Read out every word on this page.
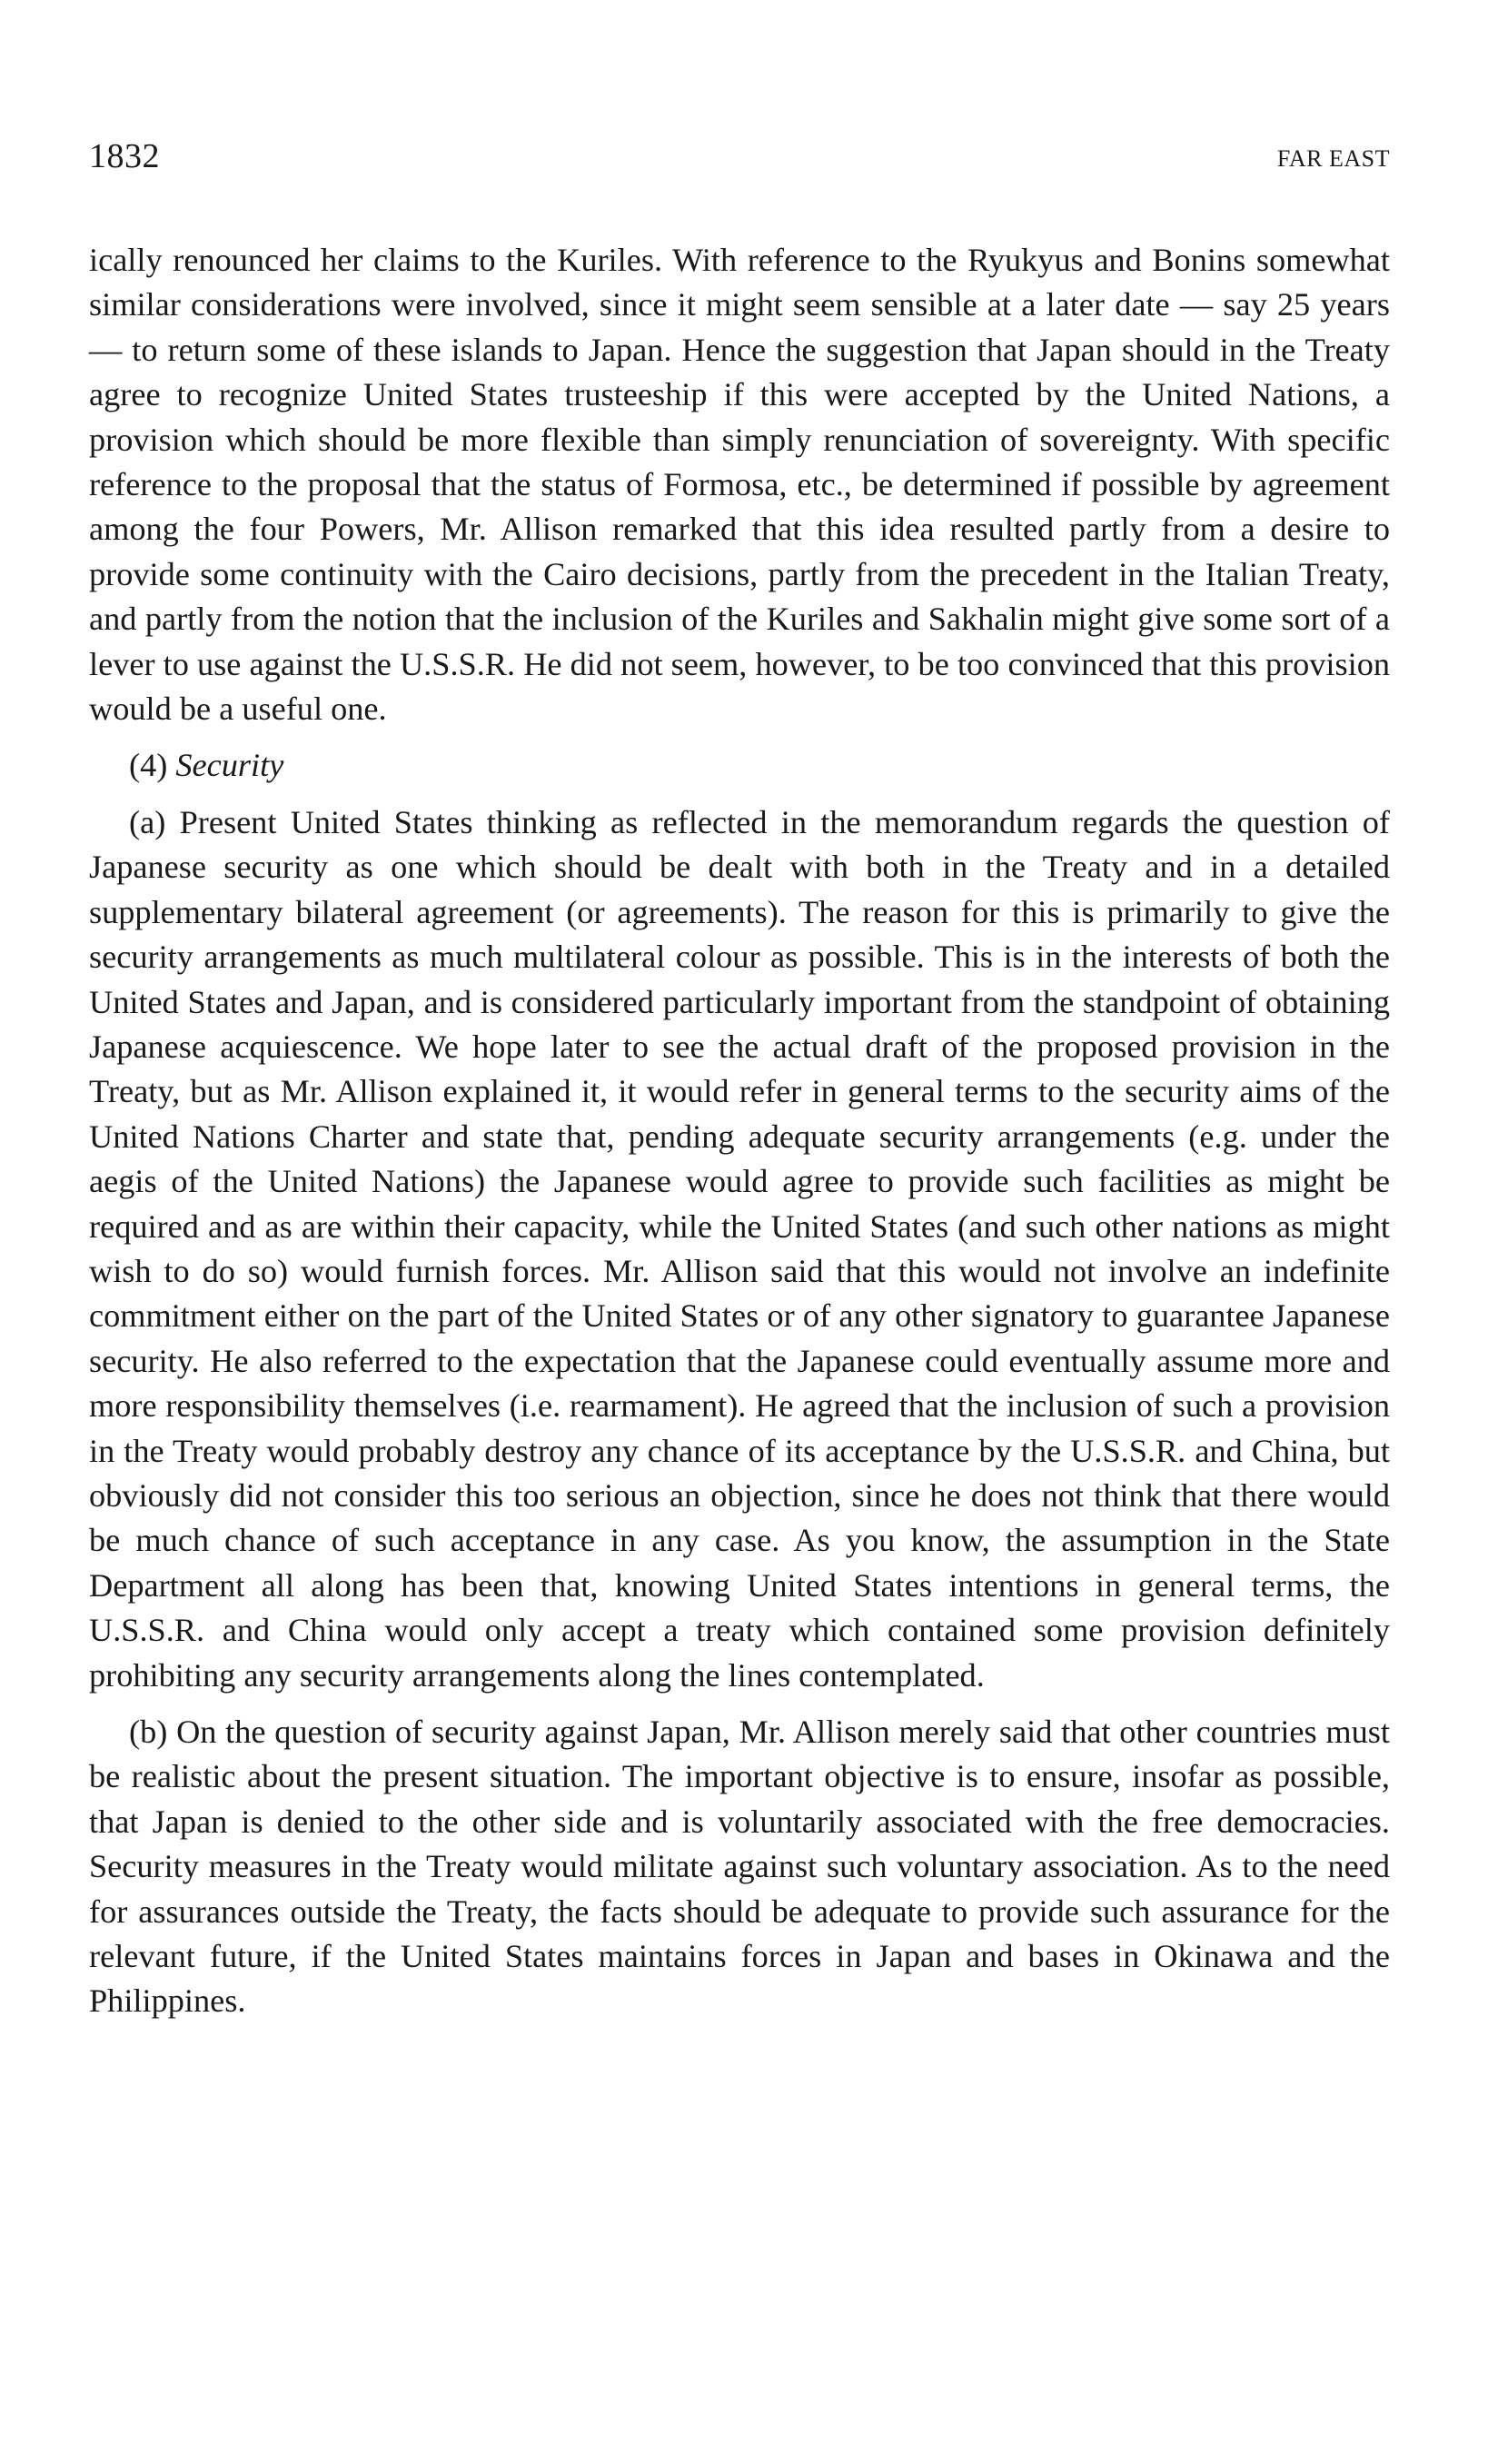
1832	FAR EAST

ically renounced her claims to the Kuriles. With reference to the Ryukyus and Bonins somewhat similar considerations were involved, since it might seem sensible at a later date — say 25 years — to return some of these islands to Japan. Hence the suggestion that Japan should in the Treaty agree to recognize United States trusteeship if this were accepted by the United Nations, a provision which should be more flexible than simply renunciation of sovereignty. With specific reference to the proposal that the status of Formosa, etc., be determined if possible by agreement among the four Powers, Mr. Allison remarked that this idea resulted partly from a desire to provide some continuity with the Cairo decisions, partly from the precedent in the Italian Treaty, and partly from the notion that the inclusion of the Kuriles and Sakhalin might give some sort of a lever to use against the U.S.S.R. He did not seem, however, to be too convinced that this provision would be a useful one.

(4) Security

(a) Present United States thinking as reflected in the memorandum regards the question of Japanese security as one which should be dealt with both in the Treaty and in a detailed supplementary bilateral agreement (or agreements). The reason for this is primarily to give the security arrangements as much multilateral colour as possible. This is in the interests of both the United States and Japan, and is considered particularly important from the standpoint of obtaining Japanese acquiescence. We hope later to see the actual draft of the proposed provision in the Treaty, but as Mr. Allison explained it, it would refer in general terms to the security aims of the United Nations Charter and state that, pending adequate security arrangements (e.g. under the aegis of the United Nations) the Japanese would agree to provide such facilities as might be required and as are within their capacity, while the United States (and such other nations as might wish to do so) would furnish forces. Mr. Allison said that this would not involve an indefinite commitment either on the part of the United States or of any other signatory to guarantee Japanese security. He also referred to the expectation that the Japanese could eventually assume more and more responsibility themselves (i.e. rearmament). He agreed that the inclusion of such a provision in the Treaty would probably destroy any chance of its acceptance by the U.S.S.R. and China, but obviously did not consider this too serious an objection, since he does not think that there would be much chance of such acceptance in any case. As you know, the assumption in the State Department all along has been that, knowing United States intentions in general terms, the U.S.S.R. and China would only accept a treaty which contained some provision definitely prohibiting any security arrangements along the lines contemplated.

(b) On the question of security against Japan, Mr. Allison merely said that other countries must be realistic about the present situation. The important objective is to ensure, insofar as possible, that Japan is denied to the other side and is voluntarily associated with the free democracies. Security measures in the Treaty would militate against such voluntary association. As to the need for assurances outside the Treaty, the facts should be adequate to provide such assurance for the relevant future, if the United States maintains forces in Japan and bases in Okinawa and the Philippines.
